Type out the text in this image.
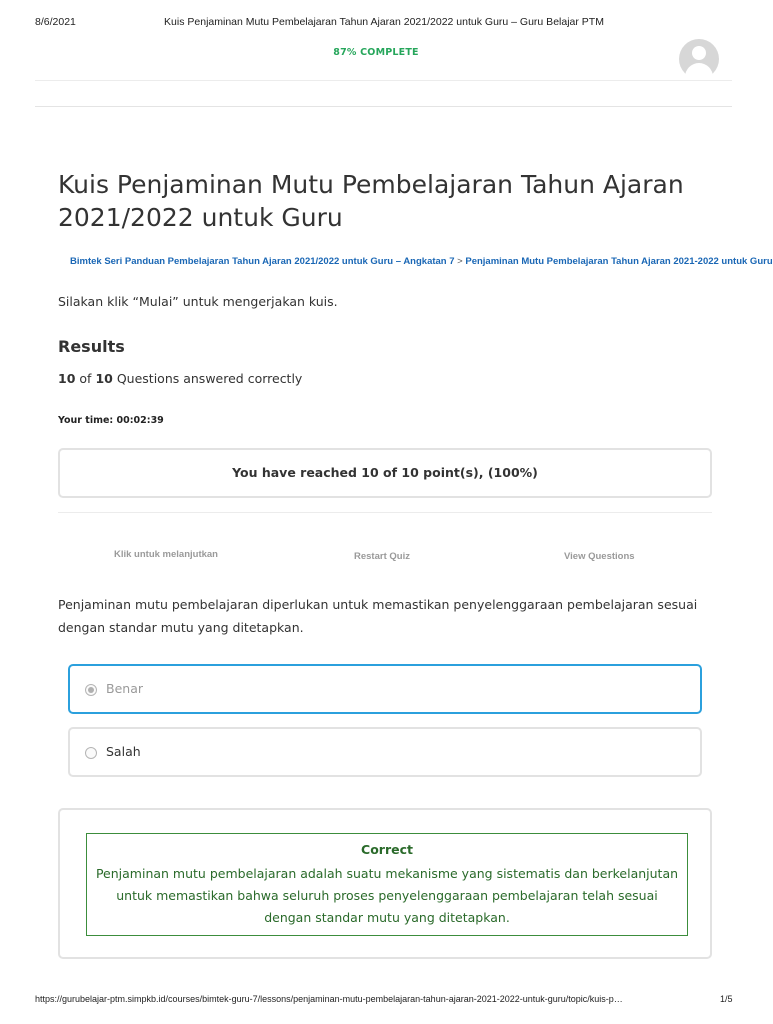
8/6/2021	Kuis Penjaminan Mutu Pembelajaran Tahun Ajaran 2021/2022 untuk Guru – Guru Belajar PTM
87% COMPLETE
Kuis Penjaminan Mutu Pembelajaran Tahun Ajaran 2021/2022 untuk Guru
Bimtek Seri Panduan Pembelajaran Tahun Ajaran 2021/2022 untuk Guru – Angkatan 7 > Penjaminan Mutu Pembelajaran Tahun Ajaran 2021-2022 untuk Guru

Silakan klik “Mulai” untuk mengerjakan kuis.

Results

10 of 10 Questions answered correctly

Your time: 00:02:39

You have reached 10 of 10 point(s), (100%)
Klik untuk melanjutkan	Restart Quiz	View Questions

Penjaminan mutu pembelajaran diperlukan untuk memastikan penyelenggaraan pembelajaran sesuai dengan standar mutu yang ditetapkan.

Benar
Salah
Correct
Penjaminan mutu pembelajaran adalah suatu mekanisme yang sistematis dan berkelanjutan untuk memastikan bahwa seluruh proses penyelenggaraan pembelajaran telah sesuai dengan standar mutu yang ditetapkan.
https://gurubelajar-ptm.simpkb.id/courses/bimtek-guru-7/lessons/penjaminan-mutu-pembelajaran-tahun-ajaran-2021-2022-untuk-guru/topic/kuis-p…	1/5
